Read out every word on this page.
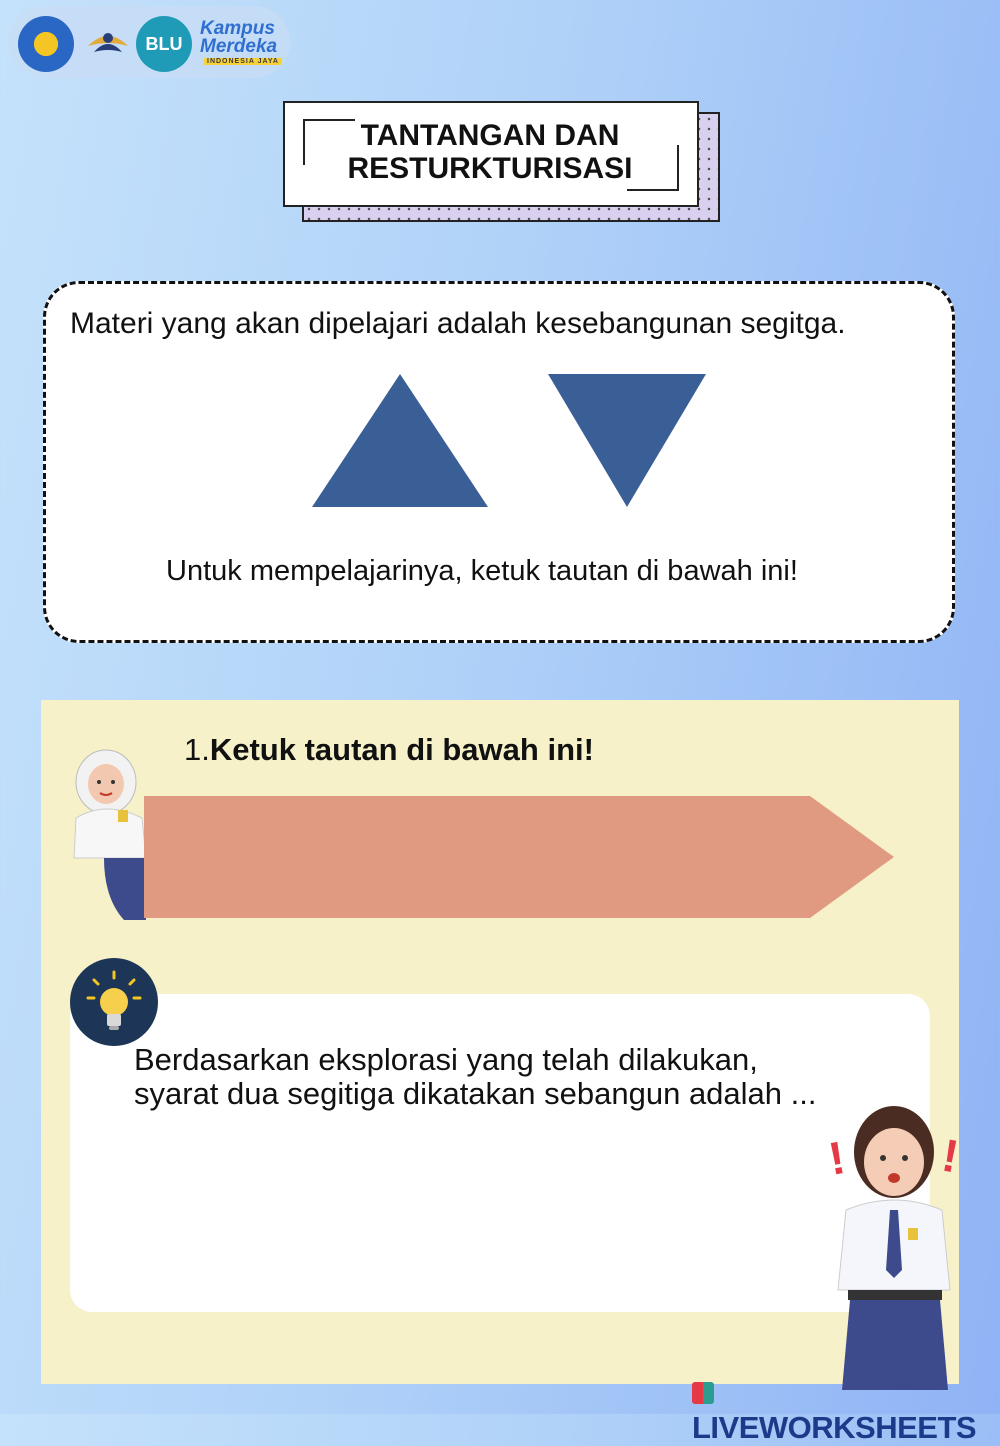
BLU
Kampus
Merdeka
INDONESIA JAYA
TANTANGAN DAN
RESTURKTURISASI
Materi yang akan dipelajari adalah kesebangunan segitga.
Untuk mempelajarinya, ketuk tautan di bawah ini!
1.Ketuk tautan di bawah ini!
Berdasarkan eksplorasi yang telah dilakukan,
syarat dua segitiga dikatakan sebangun adalah ...
! !
LIVEWORKSHEETS
